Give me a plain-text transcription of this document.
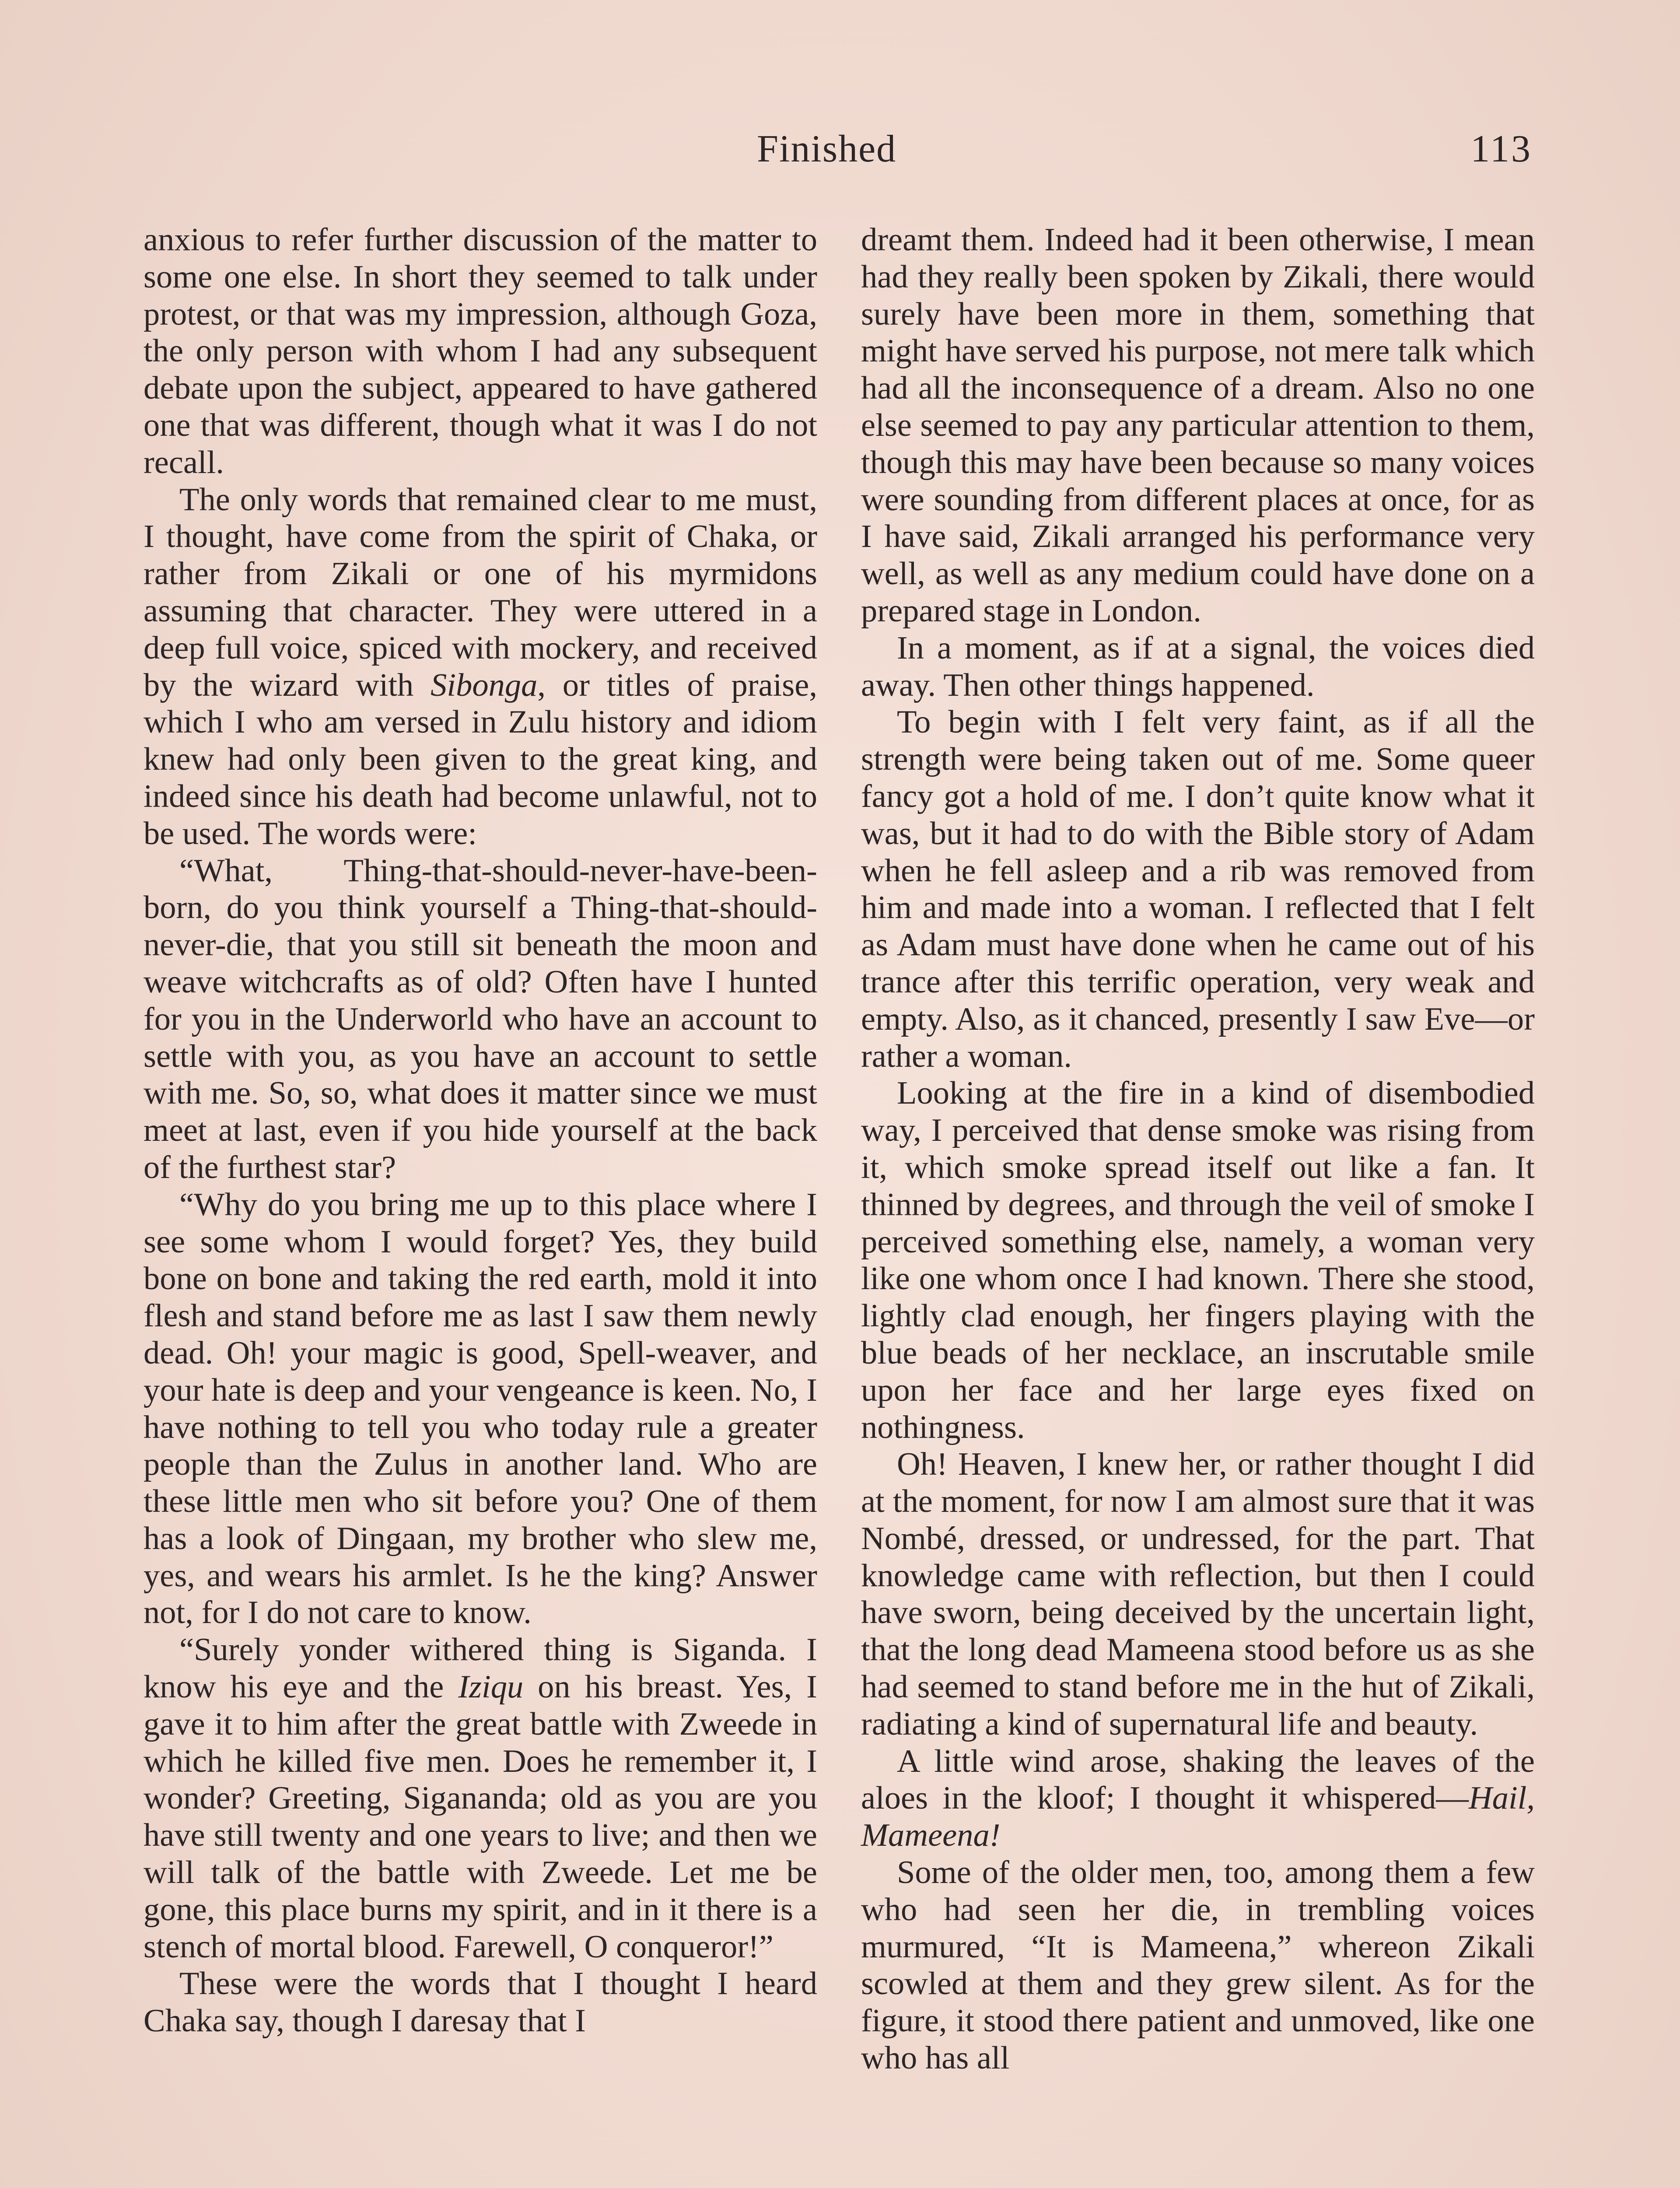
Finished	113

anxious to refer further discussion of the matter to some one else. In short they seemed to talk under protest, or that was my impression, although Goza, the only person with whom I had any subsequent debate upon the subject, appeared to have gathered one that was different, though what it was I do not recall.

The only words that remained clear to me must, I thought, have come from the spirit of Chaka, or rather from Zikali or one of his myrmidons assuming that character. They were uttered in a deep full voice, spiced with mockery, and received by the wizard with Sibonga, or titles of praise, which I who am versed in Zulu history and idiom knew had only been given to the great king, and indeed since his death had become unlawful, not to be used. The words were:

“What, Thing-that-should-never-have-been-born, do you think yourself a Thing-that-should-never-die, that you still sit beneath the moon and weave witchcrafts as of old? Often have I hunted for you in the Underworld who have an account to settle with you, as you have an account to settle with me. So, so, what does it matter since we must meet at last, even if you hide yourself at the back of the furthest star?

“Why do you bring me up to this place where I see some whom I would forget? Yes, they build bone on bone and taking the red earth, mold it into flesh and stand before me as last I saw them newly dead. Oh! your magic is good, Spell-weaver, and your hate is deep and your vengeance is keen. No, I have nothing to tell you who today rule a greater people than the Zulus in another land. Who are these little men who sit before you? One of them has a look of Dingaan, my brother who slew me, yes, and wears his armlet. Is he the king? Answer not, for I do not care to know.

“Surely yonder withered thing is Siganda. I know his eye and the Iziqu on his breast. Yes, I gave it to him after the great battle with Zweede in which he killed five men. Does he remember it, I wonder? Greeting, Sigananda; old as you are you have still twenty and one years to live; and then we will talk of the battle with Zweede. Let me be gone, this place burns my spirit, and in it there is a stench of mortal blood. Farewell, O conqueror!”

These were the words that I thought I heard Chaka say, though I daresay that I

dreamt them. Indeed had it been otherwise, I mean had they really been spoken by Zikali, there would surely have been more in them, something that might have served his purpose, not mere talk which had all the inconsequence of a dream. Also no one else seemed to pay any particular attention to them, though this may have been because so many voices were sounding from different places at once, for as I have said, Zikali arranged his performance very well, as well as any medium could have done on a prepared stage in London.

In a moment, as if at a signal, the voices died away. Then other things happened.

To begin with I felt very faint, as if all the strength were being taken out of me. Some queer fancy got a hold of me. I don’t quite know what it was, but it had to do with the Bible story of Adam when he fell asleep and a rib was removed from him and made into a woman. I reflected that I felt as Adam must have done when he came out of his trance after this terrific operation, very weak and empty. Also, as it chanced, presently I saw Eve—or rather a woman.

Looking at the fire in a kind of disembodied way, I perceived that dense smoke was rising from it, which smoke spread itself out like a fan. It thinned by degrees, and through the veil of smoke I perceived something else, namely, a woman very like one whom once I had known. There she stood, lightly clad enough, her fingers playing with the blue beads of her necklace, an inscrutable smile upon her face and her large eyes fixed on nothingness.

Oh! Heaven, I knew her, or rather thought I did at the moment, for now I am almost sure that it was Nombé, dressed, or undressed, for the part. That knowledge came with reflection, but then I could have sworn, being deceived by the uncertain light, that the long dead Mameena stood before us as she had seemed to stand before me in the hut of Zikali, radiating a kind of supernatural life and beauty.

A little wind arose, shaking the leaves of the aloes in the kloof; I thought it whispered—Hail, Mameena!

Some of the older men, too, among them a few who had seen her die, in trembling voices murmured, “It is Mameena,” whereon Zikali scowled at them and they grew silent. As for the figure, it stood there patient and unmoved, like one who has all
